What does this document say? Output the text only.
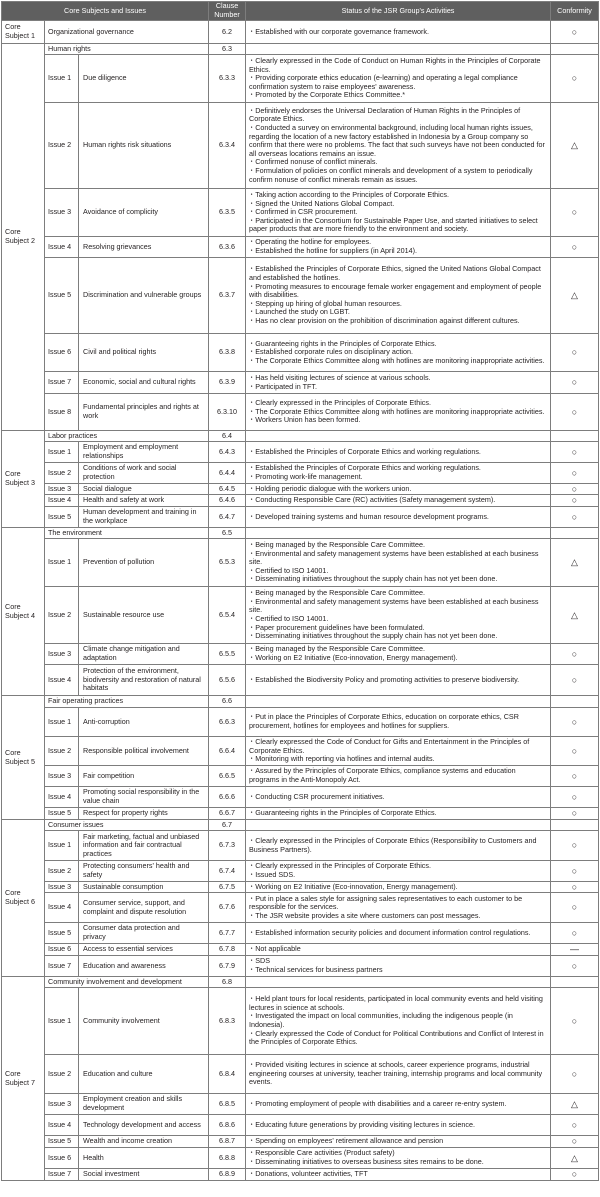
Core Subjects and Issues			Clause Number	Status of the JSR Group's Activities	Conformity
Core Subject 1	Organizational governance		6.2	・ Established with our corporate governance framework.	○
Core Subject 2	Human rights		6.3		
	Issue 1	Due diligence	6.3.3	・ Clearly expressed in the Code of Conduct on Human Rights in the Principles of Corporate Ethics.
・ Providing corporate ethics education (e-learning) and operating a legal compliance confirmation system to raise employees' awareness.
・ Promoted by the Corporate Ethics Committee.*	○
	Issue 2	Human rights risk situations	6.3.4	・ Definitively endorses the Universal Declaration of Human Rights in the Principles of Corporate Ethics.
・ Conducted a survey on environmental background, including local human rights issues, regarding the location of a new factory established in Indonesia by a Group company so confirm that there were no problems. The fact that such surveys have not been conducted for all overseas locations remains an issue.
・ Confirmed nonuse of conflict minerals.
・ Formulation of policies on conflict minerals and development of a system to periodically confirm nonuse of conflict minerals remain as issues.	△
	Issue 3	Avoidance of complicity	6.3.5	・ Taking action according to the Principles of Corporate Ethics.
・ Signed the United Nations Global Compact.
・ Confirmed in CSR procurement.
・ Participated in the Consortium for Sustainable Paper Use, and started initiatives to select paper products that are more friendly to the environment and society.	○
	Issue 4	Resolving grievances	6.3.6	・ Operating the hotline for employees.
・ Established the hotline for suppliers (in April 2014).	○
	Issue 5	Discrimination and vulnerable groups	6.3.7	・ Established the Principles of Corporate Ethics, signed the United Nations Global Compact and established the hotlines.
・ Promoting measures to encourage female worker engagement and employment of people with disabilities.
・ Stepping up hiring of global human resources.
・ Launched the study on LGBT.
・ Has no clear provision on the prohibition of discrimination against different cultures.	△
	Issue 6	Civil and political rights	6.3.8	・ Guaranteeing rights in the Principles of Corporate Ethics.
・ Established corporate rules on disciplinary action.
・ The Corporate Ethics Committee along with hotlines are monitoring inappropriate activities.	○
	Issue 7	Economic, social and cultural rights	6.3.9	・ Has held visiting lectures of science at various schools.
・ Participated in TFT.	○
	Issue 8	Fundamental principles and rights at work	6.3.10	・ Clearly expressed in the Principles of Corporate Ethics.
・ The Corporate Ethics Committee along with hotlines are monitoring inappropriate activities.
・ Workers Union has been formed.	○
Core Subject 3	Labor practices		6.4		
	Issue 1	Employment and employment relationships	6.4.3	・ Established the Principles of Corporate Ethics and working regulations.	○
	Issue 2	Conditions of work and social protection	6.4.4	・ Established the Principles of Corporate Ethics and working regulations.
・ Promoting work-life management.	○
	Issue 3	Social dialogue	6.4.5	・ Holding periodic dialogue with the workers union.	○
	Issue 4	Health and safety at work	6.4.6	・ Conducting Responsible Care (RC) activities (Safety management system).	○
	Issue 5	Human development and training in the workplace	6.4.7	・ Developed training systems and human resource development programs.	○
Core Subject 4	The environment		6.5		
	Issue 1	Prevention of pollution	6.5.3	・ Being managed by the Responsible Care Committee.
・ Environmental and safety management systems have been established at each business site.
・ Certified to ISO 14001.
・ Disseminating initiatives throughout the supply chain has not yet been done.	△
	Issue 2	Sustainable resource use	6.5.4	・ Being managed by the Responsible Care Committee.
・ Environmental and safety management systems have been established at each business site.
・ Certified to ISO 14001.
・ Paper procurement guidelines have been formulated.
・ Disseminating initiatives throughout the supply chain has not yet been done.	△
	Issue 3	Climate change mitigation and adaptation	6.5.5	・ Being managed by the Responsible Care Committee.
・ Working on E2 Initiative (Eco-innovation, Energy management).	○
	Issue 4	Protection of the environment, biodiversity and restoration of natural habitats	6.5.6	・ Established the Biodiversity Policy and promoting activities to preserve biodiversity.	○
Core Subject 5	Fair operating practices		6.6		
	Issue 1	Anti-corruption	6.6.3	・ Put in place the Principles of Corporate Ethics, education on corporate ethics, CSR procurement, hotlines for employees and hotlines for suppliers.	○
	Issue 2	Responsible political involvement	6.6.4	・ Clearly expressed the Code of Conduct for Gifts and Entertainment in the Principles of Corporate Ethics.
・ Monitoring with reporting via hotlines and internal audits.	○
	Issue 3	Fair competition	6.6.5	・ Assured by the Principles of Corporate Ethics, compliance systems and education programs in the Anti-Monopoly Act.	○
	Issue 4	Promoting social responsibility in the value chain	6.6.6	・ Conducting CSR procurement initiatives.	○
	Issue 5	Respect for property rights	6.6.7	・ Guaranteeing rights in the Principles of Corporate Ethics.	○
Core Subject 6	Consumer issues		6.7		
	Issue 1	Fair marketing, factual and unbiased information and fair contractual practices	6.7.3	・ Clearly expressed in the Principles of Corporate Ethics (Responsibility to Customers and Business Partners).	○
	Issue 2	Protecting consumers' health and safety	6.7.4	・ Clearly expressed in the Principles of Corporate Ethics.
・ Issued SDS.	○
	Issue 3	Sustainable consumption	6.7.5	・ Working on E2 Initiative (Eco-innovation, Energy management).	○
	Issue 4	Consumer service, support, and complaint and dispute resolution	6.7.6	・ Put in place a sales style for assigning sales representatives to each customer to be responsible for the services.
・ The JSR website provides a site where customers can post messages.	○
	Issue 5	Consumer data protection and privacy	6.7.7	・ Established information security policies and document information control regulations.	○
	Issue 6	Access to essential services	6.7.8	・ Not applicable	—
	Issue 7	Education and awareness	6.7.9	・ SDS
・ Technical services for business partners	○
Core Subject 7	Community involvement and development		6.8		
	Issue 1	Community involvement	6.8.3	・ Held plant tours for local residents, participated in local community events and held visiting lectures in science at schools.
・ Investigated the impact on local communities, including the indigenous people (in Indonesia).
・ Clearly expressed the Code of Conduct for Political Contributions and Conflict of Interest in the Principles of Corporate Ethics.	○
	Issue 2	Education and culture	6.8.4	・ Provided visiting lectures in science at schools, career experience programs, industrial engineering courses at university, teacher training, internship programs and local community events.	○
	Issue 3	Employment creation and skills development	6.8.5	・ Promoting employment of people with disabilities and a career re-entry system.	△
	Issue 4	Technology development and access	6.8.6	・ Educating future generations by providing visiting lectures in science.	○
	Issue 5	Wealth and income creation	6.8.7	・ Spending on employees' retirement allowance and pension	○
	Issue 6	Health	6.8.8	・ Responsible Care activities (Product safety)
・ Disseminating initiatives to overseas business sites remains to be done.	△
	Issue 7	Social investment	6.8.9	・ Donations, volunteer activities, TFT	○
